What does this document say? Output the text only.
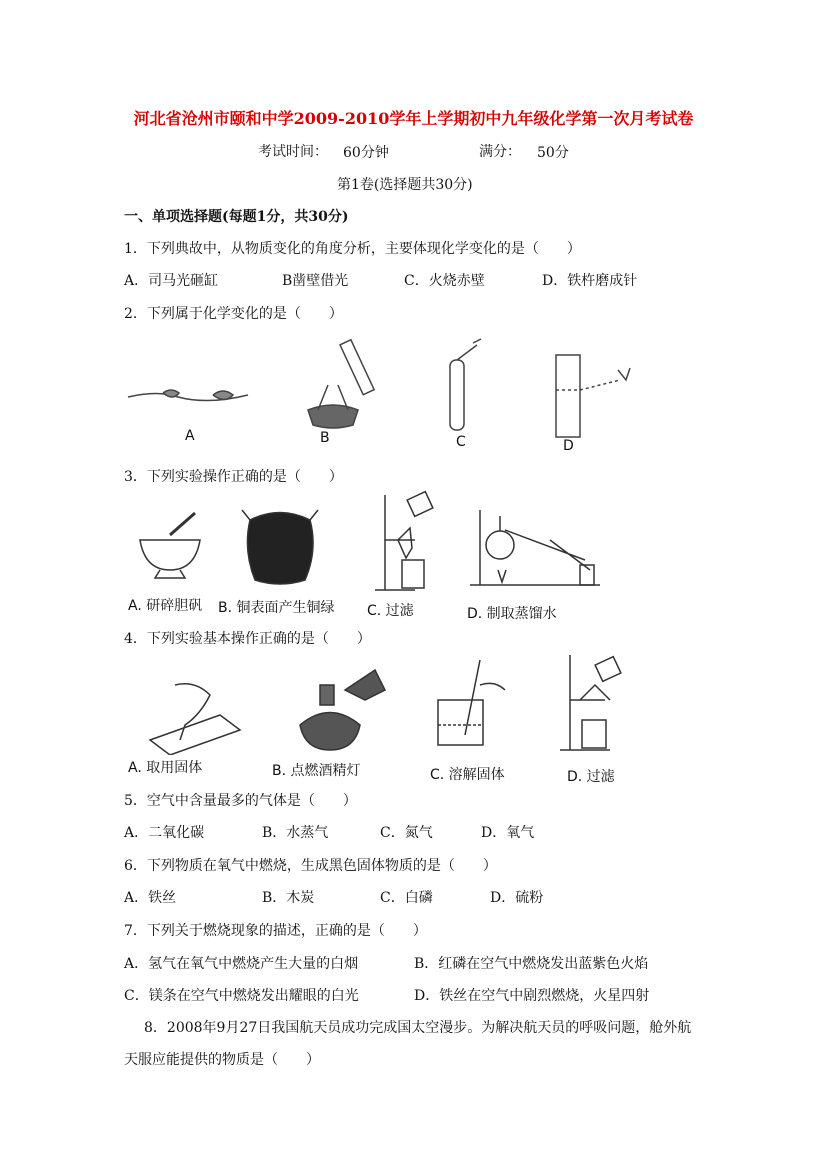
河北省沧州市颐和中学2009-2010学年上学期初中九年级化学第一次月考试卷
考试时间： 60分钟	满分： 50分
第1卷(选择题共30分)
一、单项选择题(每题1分，共30分)
1．下列典故中，从物质变化的角度分析，主要体现化学变化的是（　　）
A．司马光砸缸	B凿壁借光	C．火烧赤壁	D．铁杵磨成针
2．下列属于化学变化的是（　　）
A	B	C	D
3．下列实验操作正确的是（　　）
A. 研碎胆矾 B. 铜表面产生铜绿 C. 过滤	D. 制取蒸馏水
4．下列实验基本操作正确的是（　　）
A. 取用固体	B. 点燃酒精灯	C. 溶解固体	D. 过滤
5．空气中含量最多的气体是（　　）
A．二氧化碳	B．水蒸气	C．氮气	D．氧气
6．下列物质在氧气中燃烧，生成黑色固体物质的是（　　）
A．铁丝	B．木炭	C．白磷	D．硫粉
7．下列关于燃烧现象的描述，正确的是（　　）
A．氢气在氧气中燃烧产生大量的白烟	B．红磷在空气中燃烧发出蓝紫色火焰
C．镁条在空气中燃烧发出耀眼的白光	D．铁丝在空气中剧烈燃烧，火星四射
8．2008年9月27日我国航天员成功完成国太空漫步。为解决航天员的呼吸问题，舱外航
天服应能提供的物质是（　　）
